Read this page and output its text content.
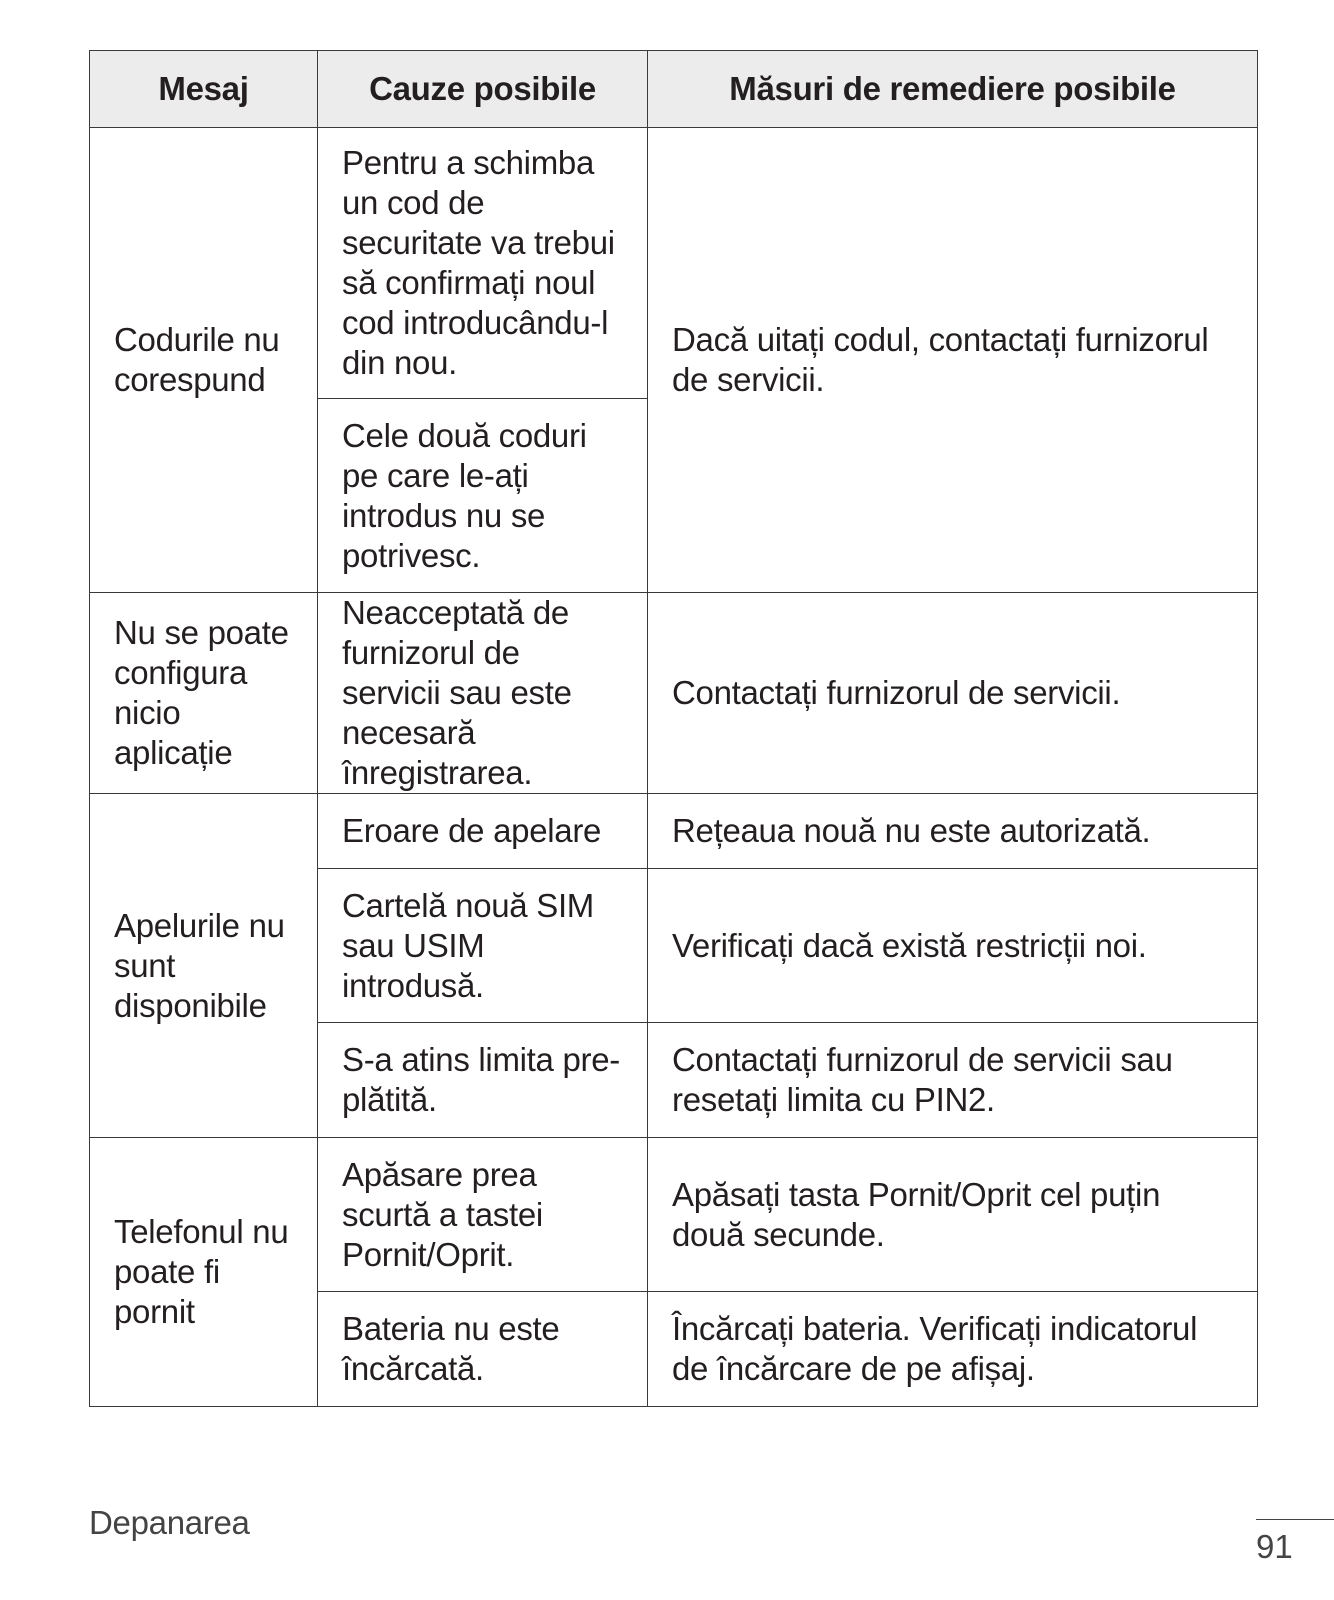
Mesaj	Cauze posibile	Măsuri de remediere posibile
Codurile nu corespund	Pentru a schimba un cod de securitate va trebui să confirmați noul cod introducându-l din nou.	Dacă uitați codul, contactați furnizorul de servicii.
	Cele două coduri pe care le-ați introdus nu se potrivesc.	
Nu se poate configura nicio aplicație	Neacceptată de furnizorul de servicii sau este necesară înregistrarea.	Contactați furnizorul de servicii.
Apelurile nu sunt disponibile	Eroare de apelare	Rețeaua nouă nu este autorizată.
	Cartelă nouă SIM sau USIM introdusă.	Verificați dacă există restricții noi.
	S-a atins limita pre-plătită.	Contactați furnizorul de servicii sau resetați limita cu PIN2.
Telefonul nu poate fi pornit	Apăsare prea scurtă a tastei Pornit/Oprit.	Apăsați tasta Pornit/Oprit cel puțin două secunde.
	Bateria nu este încărcată.	Încărcați bateria. Verificați indicatorul de încărcare de pe afișaj.
Depanarea
91
